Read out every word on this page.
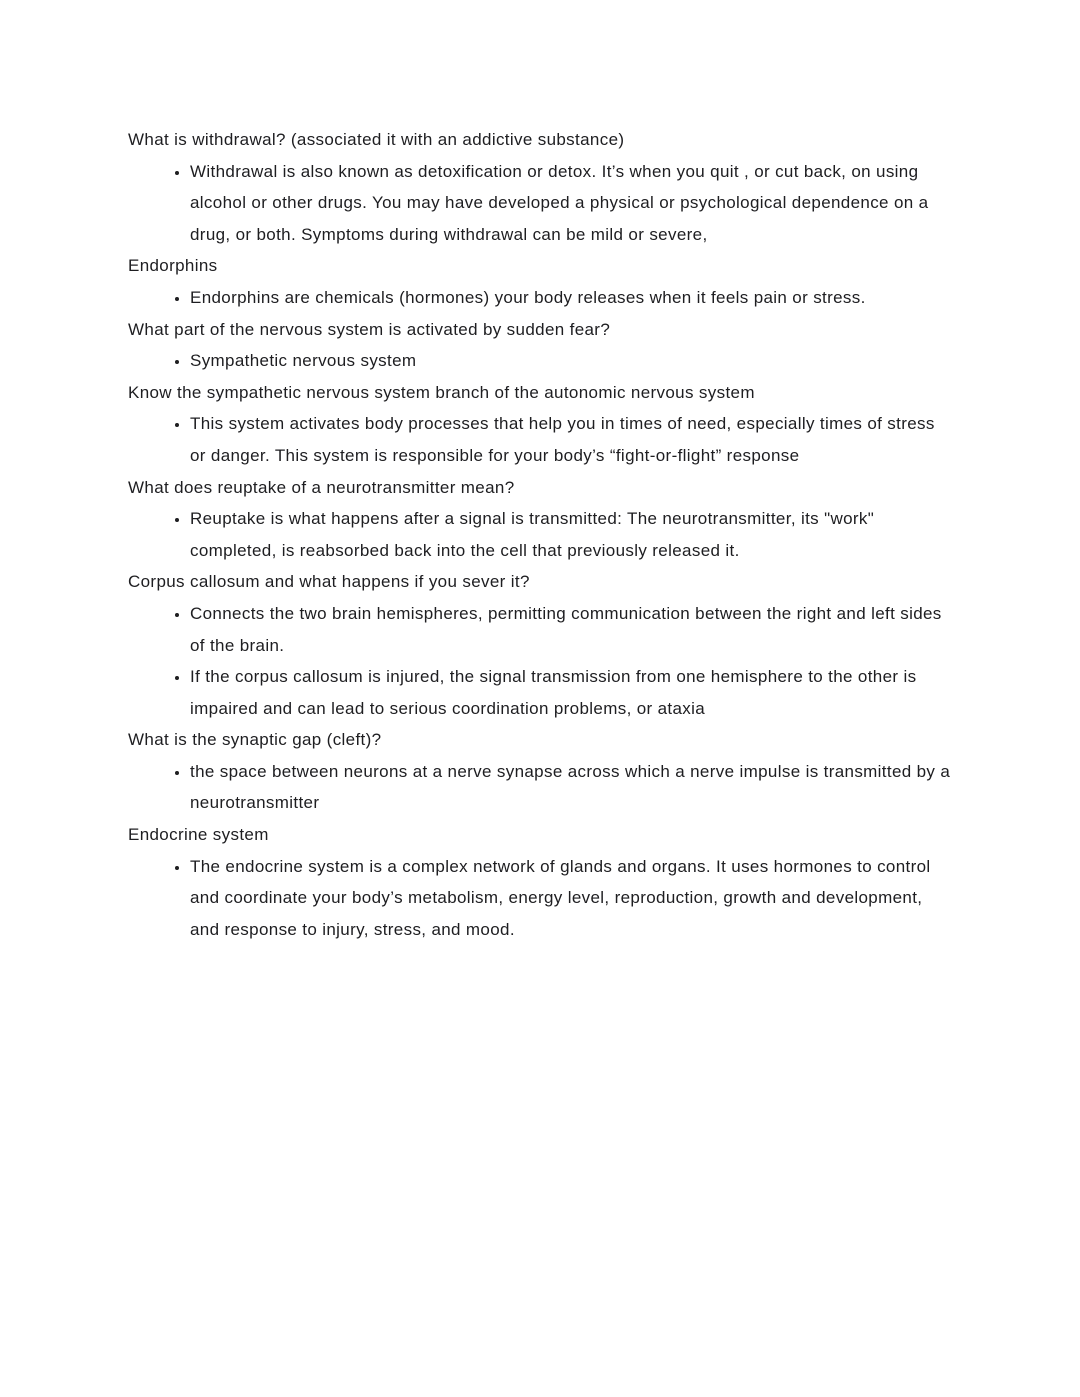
What is withdrawal? (associated it with an addictive substance)
• Withdrawal is also known as detoxification or detox. It’s when you quit , or cut back, on using alcohol or other drugs. You may have developed a physical or psychological dependence on a drug, or both. Symptoms during withdrawal can be mild or severe,
Endorphins
• Endorphins are chemicals (hormones) your body releases when it feels pain or stress.
What part of the nervous system is activated by sudden fear?
• Sympathetic nervous system
Know the sympathetic nervous system branch of the autonomic nervous system
• This system activates body processes that help you in times of need, especially times of stress or danger. This system is responsible for your body’s “fight-or-flight” response
What does reuptake of a neurotransmitter mean?
• Reuptake is what happens after a signal is transmitted: The neurotransmitter, its "work" completed, is reabsorbed back into the cell that previously released it.
Corpus callosum and what happens if you sever it?
• Connects the two brain hemispheres, permitting communication between the right and left sides of the brain.
• If the corpus callosum is injured, the signal transmission from one hemisphere to the other is impaired and can lead to serious coordination problems, or ataxia
What is the synaptic gap (cleft)?
• the space between neurons at a nerve synapse across which a nerve impulse is transmitted by a neurotransmitter
Endocrine system
• The endocrine system is a complex network of glands and organs. It uses hormones to control and coordinate your body’s metabolism, energy level, reproduction, growth and development, and response to injury, stress, and mood.
